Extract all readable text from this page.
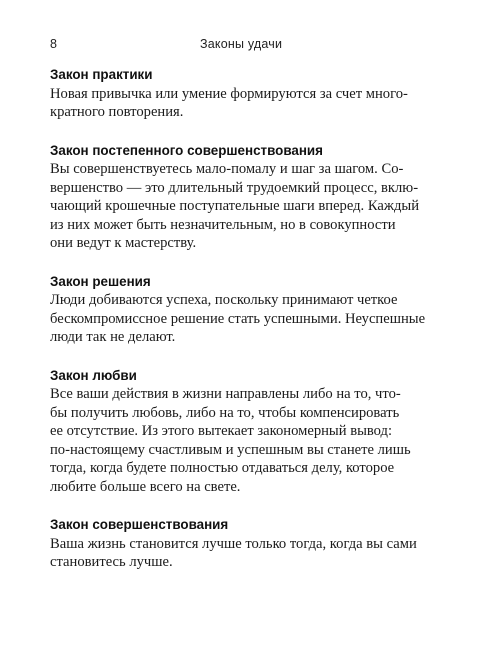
8	Законы удачи

Закон практики

Новая привычка или умение формируются за счет много-
кратного повторения.

Закон постепенного совершенствования

Вы совершенствуетесь мало-помалу и шаг за шагом. Со-
вершенство — это длительный трудоемкий процесс, вклю-
чающий крошечные поступательные шаги вперед. Каждый
из них может быть незначительным, но в совокупности
они ведут к мастерству.

Закон решения

Люди добиваются успеха, поскольку принимают четкое
бескомпромиссное решение стать успешными. Неуспешные
люди так не делают.

Закон любви

Все ваши действия в жизни направлены либо на то, что-
бы получить любовь, либо на то, чтобы компенсировать
ее отсутствие. Из этого вытекает закономерный вывод:
по-настоящему счастливым и успешным вы станете лишь
тогда, когда будете полностью отдаваться делу, которое
любите больше всего на свете.

Закон совершенствования

Ваша жизнь становится лучше только тогда, когда вы сами
становитесь лучше.
